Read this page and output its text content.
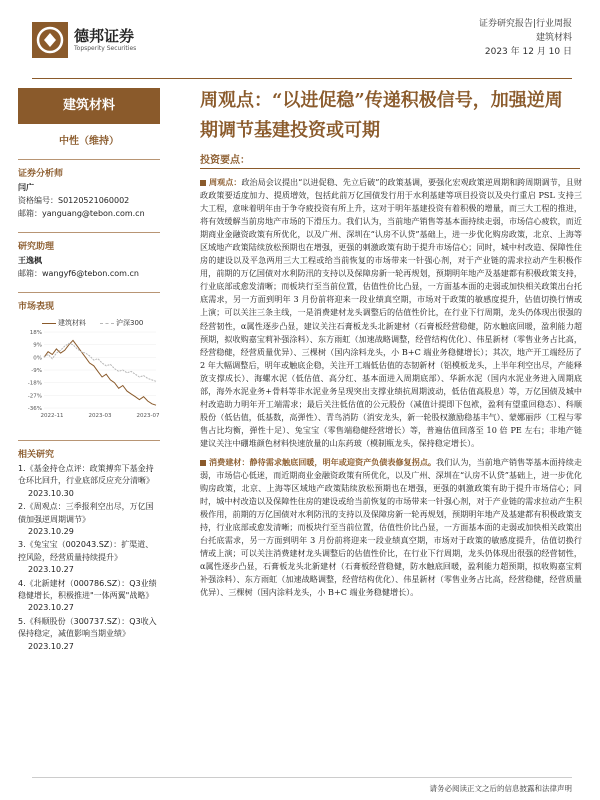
德邦证券
Topsperity Securities
证券研究报告|行业周报
建筑材料
2023 年 12 月 10 日
建筑材料
中性（维持）
证券分析师
闫广
资格编号：S0120521060002
邮箱：yanguang@tebon.com.cn
研究助理
王逸枫
邮箱：wangyf6@tebon.com.cn
市场表现
建筑材料	沪深300
18%
9%
0%
-9%
-18%
-27%
-36%
2022-11	2023-03	2023-07
相关研究
1.《基金持仓点评：政策搏弈下基金持仓环比回升，行业底部反应充分清晰》
2023.10.30
2.《周观点：三季报利空出尽，万亿国债加强逆周期调节》
2023.10.29
3.《兔宝宝（002043.SZ）：扩渠道、控风险，经营质量持续提升》
2023.10.27
4.《北新建材（000786.SZ）：Q3业绩稳健增长，积极推进"一体两翼"战略》
2023.10.27
5.《科顺股份（300737.SZ）：Q3收入保持稳定，减值影响当期业绩》
2023.10.27
周观点：“以进促稳”传递积极信号，加强逆周期调节基建投资或可期
投资要点：

周观点：政治局会议提出“以进促稳、先立后破”的政策基调，要强化宏观政策逆周期和跨周期调节，且财政政策要适度加力、提质增效，包括此前万亿国债发行用于水利基建等项目投资以及央行重启 PSL 支持三大工程，意味着明年由于争夺疲投资有所上升，这对于明年基建投资有着积极的增量，而三大工程的推进，将有效缓解当前房地产市场的下滑压力。我们认为，当前地产销售等基本面持续走弱，市场信心疲软，而近期商业金融资政策有所优化，以及广州、深圳在“认房不认贷”基础上，进一步优化购房政策，北京、上海等区域地产政策陆续放松预期也在增强，更强的刺激政策有助于提升市场信心；同时，城中村改造、保障性住房的建设以及平急两用三大工程或给当前恢复的市场带来一针强心剂，对于产业链的需求拉动产生积极作用，前期的万亿国债对水利防汛的支持以及保障房新一轮再规划，预期明年地产及基建都有积极政策支持，行业底部或愈发清晰；而板块行至当前位置，估值性价比凸显，一方面基本面的走弱或加快相关政策出台托底需求，另一方面到明年 3 月份前将迎来一段业绩真空期，市场对于政策的敏感度提升，估值切换行情或上演；可以关注三条主线，一是消费建材龙头调整后的估值性价比，在行业下行周期，龙头仍体现出很强的经营韧性，α属性逐步凸显，建议关注石膏板龙头北新建材（石膏板经营稳健，防水触底回暖，盈利能力超预期，拟收购嘉宝莉补强涂料）、东方雨虹（加速战略调整，经营结构优化）、伟星新材（零售业务占比高，经营稳健，经营质量优异）、三棵树（国内涂料龙头，小 B+C 端业务稳健增长）；其次，地产开工端经历了 2 年大幅调整后，明年或触底企稳，关注开工端低估值的态韧新材（铝模板龙头，上半年利空出尽，产能释放支撑成长）、海螺水泥（低估值、高分红、基本面进入周期底部）、华新水泥（国内水泥业务进入周期底部，海外水泥业务+骨料等非水泥业务呈现突出支撑业绩抗周期波动，低估值高股息）等，万亿国债及城中村改造助力明年开工端需求；最后关注低估值的公元股份（减值计提即下包袱，盈利有望重回稳态）、科顺股份（低估值，低基数，高弹性）、青鸟消防（消安龙头，新一轮股权激励稳基丰气）、蒙娜丽莎（工程与零售占比均衡，弹性十足）、兔宝宝（零售端稳健经营增长）等，普遍估值回落至 10 倍 PE 左右；非地产链建议关注中硼堆颜色材料快速放量的山东药玻（模制瓶龙头，保持稳定增长）。

消费建材：静待需求触底回暖，明年或迎资产负债表修复拐点。我们认为，当前地产销售等基本面持续走弱，市场信心低迷，而近期商业金融资政策有所优化，以及广州、深圳在“认房不认贷”基础上，进一步优化购房政策，北京、上海等区域地产政策陆续放松预期也在增强，更强的刺激政策有助于提升市场信心；同时，城中村改造以及保障性住房的建设或给当前恢复的市场带来一针强心剂，对于产业链的需求拉动产生积极作用，前期的万亿国债对水利防汛的支持以及保障房新一轮再规划，预期明年地产及基建都有积极政策支持，行业底部或愈发清晰；而板块行至当前位置，估值性价比凸显，一方面基本面的走弱或加快相关政策出台托底需求，另一方面到明年 3 月份前将迎来一段业绩真空期，市场对于政策的敏感度提升，估值切换行情或上演；可以关注消费建材龙头调整后的估值性价比，在行业下行周期，龙头仍体现出很强的经营韧性，α属性逐步凸显，石膏板龙头北新建材（石膏板经营稳健，防水触底回暖，盈利能力超预期，拟收购嘉宝莉补强涂料）、东方雨虹（加速战略调整，经营结构优化）、伟星新材（零售业务占比高，经营稳健，经营质量优异）、三棵树（国内涂料龙头，小 B+C 端业务稳健增长）。

请务必阅读正文之后的信息披露和法律声明
